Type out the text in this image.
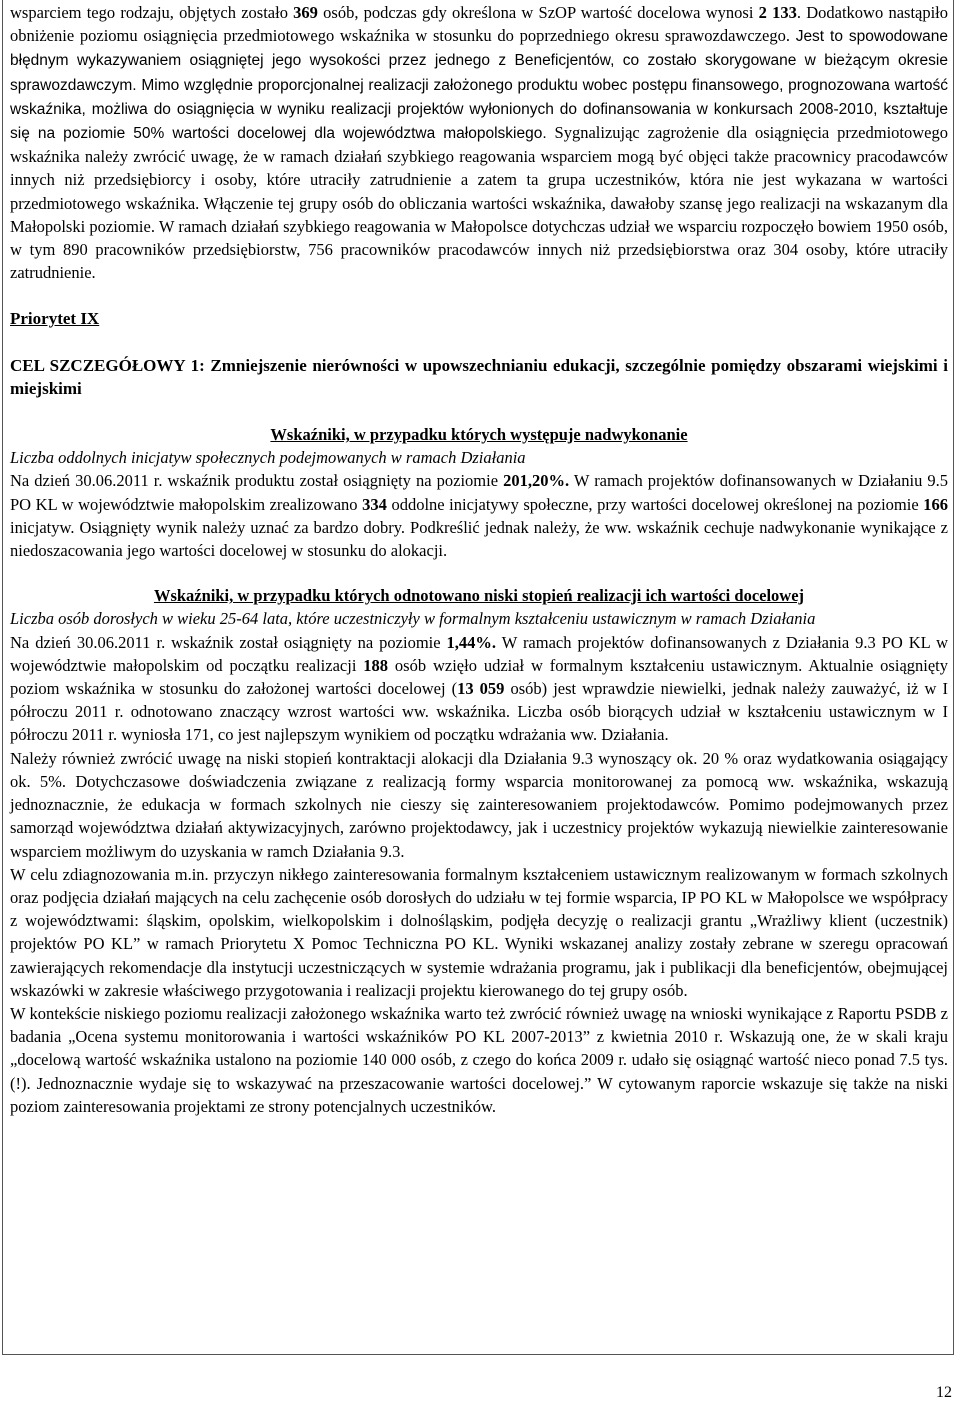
wsparciem tego rodzaju, objętych zostało 369 osób, podczas gdy określona w SzOP wartość docelowa wynosi 2 133. Dodatkowo nastąpiło obniżenie poziomu osiągnięcia przedmiotowego wskaźnika w stosunku do poprzedniego okresu sprawozdawczego. Jest to spowodowane błędnym wykazywaniem osiągniętej jego wysokości przez jednego z Beneficjentów, co zostało skorygowane w bieżącym okresie sprawozdawczym. Mimo względnie proporcjonalnej realizacji założonego produktu wobec postępu finansowego, prognozowana wartość wskaźnika, możliwa do osiągnięcia w wyniku realizacji projektów wyłonionych do dofinansowania w konkursach 2008-2010, kształtuje się na poziomie 50% wartości docelowej dla województwa małopolskiego. Sygnalizując zagrożenie dla osiągnięcia przedmiotowego wskaźnika należy zwrócić uwagę, że w ramach działań szybkiego reagowania wsparciem mogą być objęci także pracownicy pracodawców innych niż przedsiębiorcy i osoby, które utraciły zatrudnienie a zatem ta grupa uczestników, która nie jest wykazana w wartości przedmiotowego wskaźnika. Włączenie tej grupy osób do obliczania wartości wskaźnika, dawałoby szansę jego realizacji na wskazanym dla Małopolski poziomie. W ramach działań szybkiego reagowania w Małopolsce dotychczas udział we wsparciu rozpoczęło bowiem 1950 osób, w tym 890 pracowników przedsiębiorstw, 756 pracowników pracodawców innych niż przedsiębiorstwa oraz 304 osoby, które utraciły zatrudnienie.

Priorytet IX

CEL SZCZEGÓŁOWY 1: Zmniejszenie nierówności w upowszechnianiu edukacji, szczególnie pomiędzy obszarami wiejskimi i miejskimi

Wskaźniki, w przypadku których występuje nadwykonanie

Liczba oddolnych inicjatyw społecznych podejmowanych w ramach Działania

Na dzień 30.06.2011 r. wskaźnik produktu został osiągnięty na poziomie 201,20%. W ramach projektów dofinansowanych w Działaniu 9.5 PO KL w województwie małopolskim zrealizowano 334 oddolne inicjatywy społeczne, przy wartości docelowej określonej na poziomie 166 inicjatyw. Osiągnięty wynik należy uznać za bardzo dobry. Podkreślić jednak należy, że ww. wskaźnik cechuje nadwykonanie wynikające z niedoszacowania jego wartości docelowej w stosunku do alokacji.

Wskaźniki, w przypadku których odnotowano niski stopień realizacji ich wartości docelowej

Liczba osób dorosłych w wieku 25-64 lata, które uczestniczyły w formalnym kształceniu ustawicznym w ramach Działania

Na dzień 30.06.2011 r. wskaźnik został osiągnięty na poziomie 1,44%. W ramach projektów dofinansowanych z Działania 9.3 PO KL w województwie małopolskim od początku realizacji 188 osób wzięło udział w formalnym kształceniu ustawicznym. Aktualnie osiągnięty poziom wskaźnika w stosunku do założonej wartości docelowej (13 059 osób) jest wprawdzie niewielki, jednak należy zauważyć, iż w I półroczu 2011 r. odnotowano znaczący wzrost wartości ww. wskaźnika. Liczba osób biorących udział w kształceniu ustawicznym w I półroczu 2011 r. wyniosła 171, co jest najlepszym wynikiem od początku wdrażania ww. Działania.

Należy również zwrócić uwagę na niski stopień kontraktacji alokacji dla Działania 9.3 wynoszący ok. 20 % oraz wydatkowania osiągający ok. 5%. Dotychczasowe doświadczenia związane z realizacją formy wsparcia monitorowanej za pomocą ww. wskaźnika, wskazują jednoznacznie, że edukacja w formach szkolnych nie cieszy się zainteresowaniem projektodawców. Pomimo podejmowanych przez samorząd województwa działań aktywizacyjnych, zarówno projektodawcy, jak i uczestnicy projektów wykazują niewielkie zainteresowanie wsparciem możliwym do uzyskania w ramch Działania 9.3.

W celu zdiagnozowania m.in. przyczyn nikłego zainteresowania formalnym kształceniem ustawicznym realizowanym w formach szkolnych oraz podjęcia działań mających na celu zachęcenie osób dorosłych do udziału w tej formie wsparcia, IP PO KL w Małopolsce we współpracy z województwami: śląskim, opolskim, wielkopolskim i dolnośląskim, podjęła decyzję o realizacji grantu „Wrażliwy klient (uczestnik) projektów PO KL” w ramach Priorytetu X Pomoc Techniczna PO KL. Wyniki wskazanej analizy zostały zebrane w szeregu opracowań zawierających rekomendacje dla instytucji uczestniczących w systemie wdrażania programu, jak i publikacji dla beneficjentów, obejmującej wskazówki w zakresie właściwego przygotowania i realizacji projektu kierowanego do tej grupy osób.

W kontekście niskiego poziomu realizacji założonego wskaźnika warto też zwrócić również uwagę na wnioski wynikające z Raportu PSDB z badania „Ocena systemu monitorowania i wartości wskaźników PO KL 2007-2013” z kwietnia 2010 r. Wskazują one, że w skali kraju „docelową wartość wskaźnika ustalono na poziomie 140 000 osób, z czego do końca 2009 r. udało się osiągnąć wartość nieco ponad 7.5 tys.(!). Jednoznacznie wydaje się to wskazywać na przeszacowanie wartości docelowej.” W cytowanym raporcie wskazuje się także na niski poziom zainteresowania projektami ze strony potencjalnych uczestników.

12
